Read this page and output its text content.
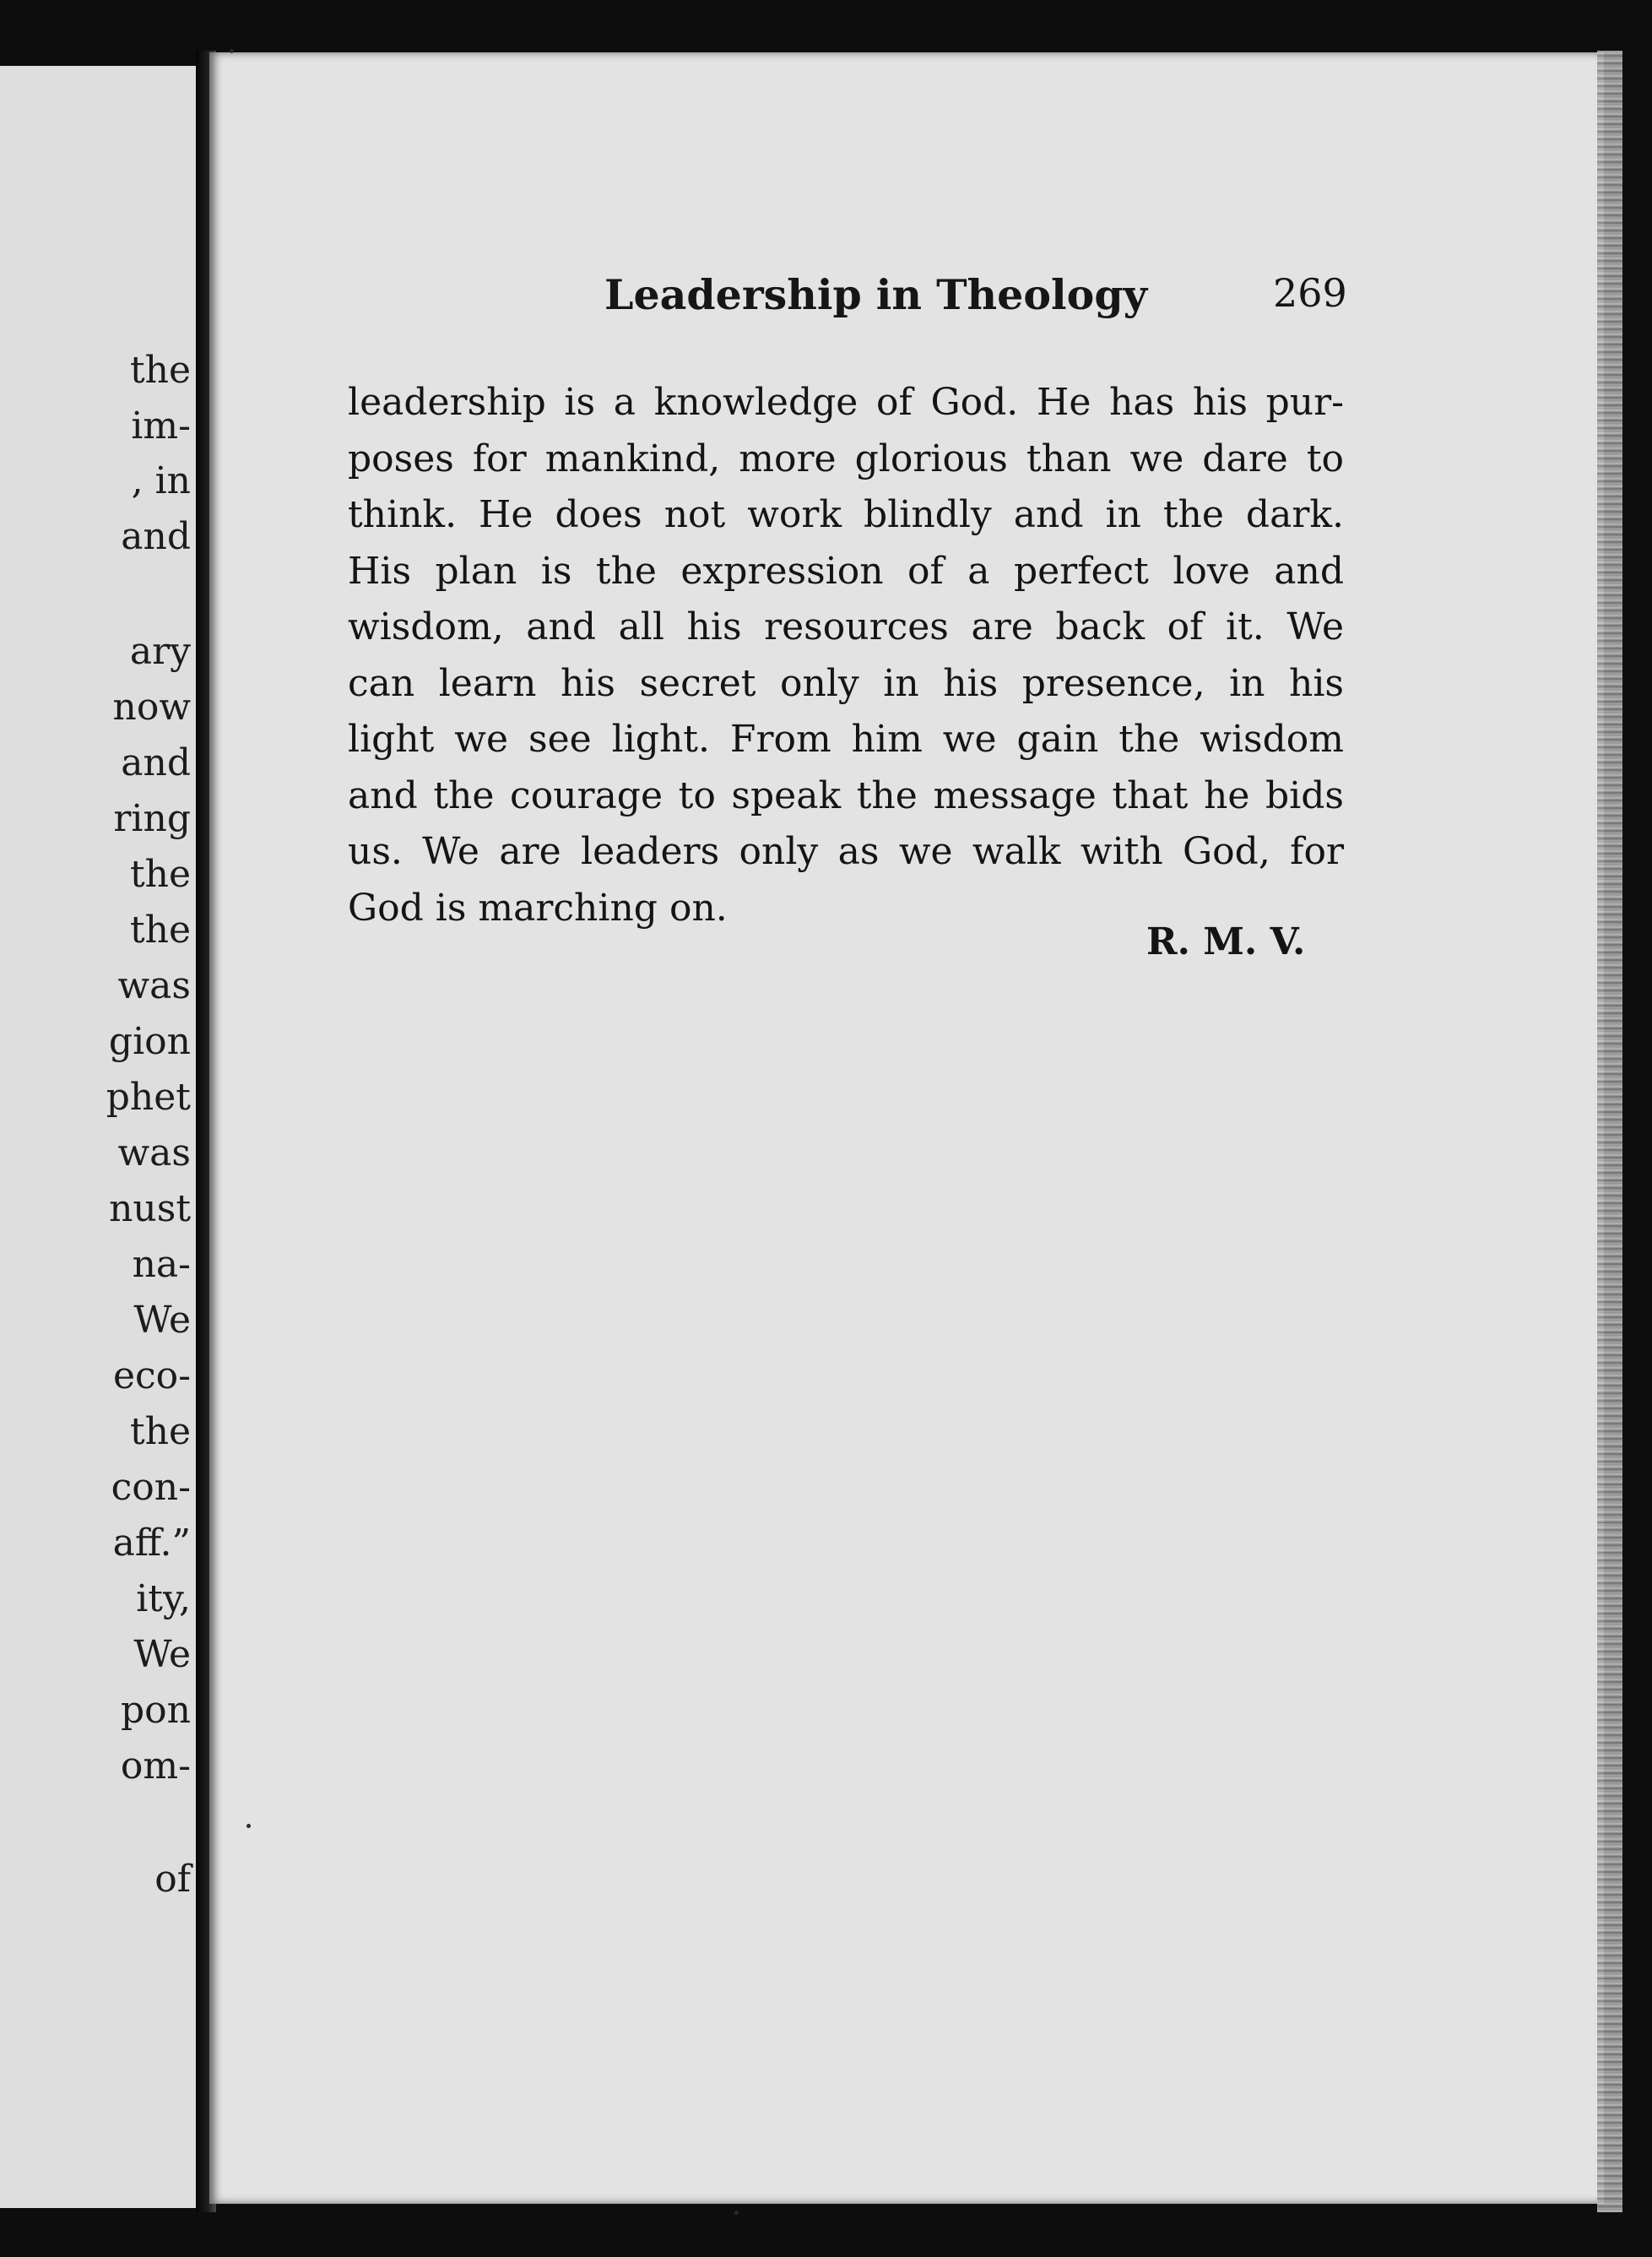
the
im-
, in
and
ary
now
and
ring
the
the
was
gion
phet
was
nust
na-
We
eco-
the
con-
aff.”
ity,
We
pon
om-
of
Leadership in Theology	269
leadership is a knowledge of God. He has his pur-
poses for mankind, more glorious than we dare to
think. He does not work blindly and in the dark.
His plan is the expression of a perfect love and
wisdom, and all his resources are back of it. We
can learn his secret only in his presence, in his
light we see light. From him we gain the wisdom
and the courage to speak the message that he bids
us. We are leaders only as we walk with God, for
God is marching on.
R. M. V.
